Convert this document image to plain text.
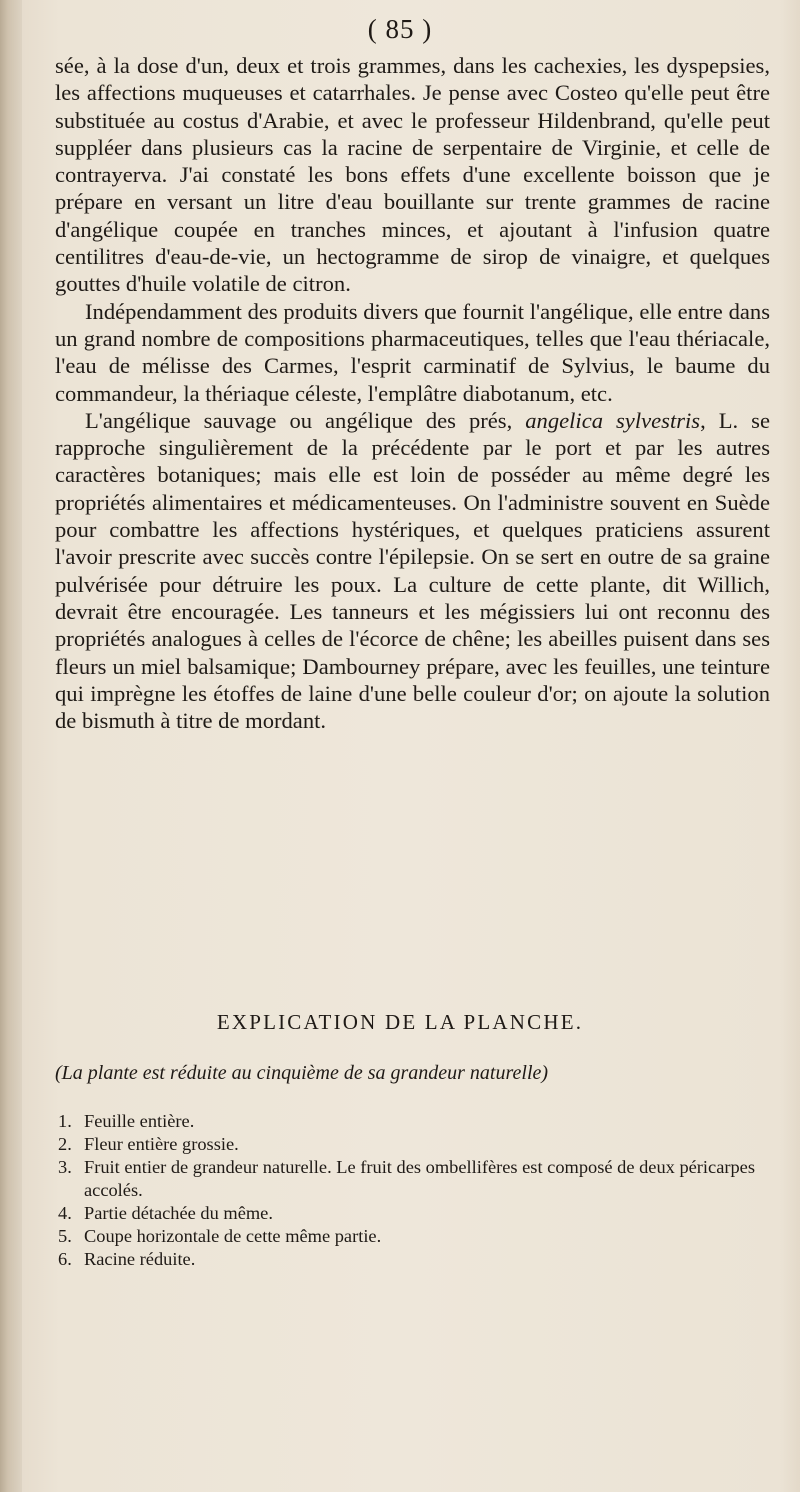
( 85 )

sée, à la dose d'un, deux et trois grammes, dans les cachexies, les dyspepsies, les affections muqueuses et catarrhales. Je pense avec Costeo qu'elle peut être substituée au costus d'Arabie, et avec le professeur Hildenbrand, qu'elle peut suppléer dans plusieurs cas la racine de serpentaire de Virginie, et celle de contrayerva. J'ai constaté les bons effets d'une excellente boisson que je prépare en versant un litre d'eau bouillante sur trente grammes de racine d'angélique coupée en tranches minces, et ajoutant à l'infusion quatre centilitres d'eau-de-vie, un hectogramme de sirop de vinaigre, et quelques gouttes d'huile volatile de citron.

Indépendamment des produits divers que fournit l'angélique, elle entre dans un grand nombre de compositions pharmaceutiques, telles que l'eau thériacale, l'eau de mélisse des Carmes, l'esprit carminatif de Sylvius, le baume du commandeur, la thériaque céleste, l'emplâtre diabotanum, etc.

L'angélique sauvage ou angélique des prés, angelica sylvestris, L. se rapproche singulièrement de la précédente par le port et par les autres caractères botaniques; mais elle est loin de posséder au même degré les propriétés alimentaires et médicamenteuses. On l'administre souvent en Suède pour combattre les affections hystériques, et quelques praticiens assurent l'avoir prescrite avec succès contre l'épilepsie. On se sert en outre de sa graine pulvérisée pour détruire les poux. La culture de cette plante, dit Willich, devrait être encouragée. Les tanneurs et les mégissiers lui ont reconnu des propriétés analogues à celles de l'écorce de chêne; les abeilles puisent dans ses fleurs un miel balsamique; Dambourney prépare, avec les feuilles, une teinture qui imprègne les étoffes de laine d'une belle couleur d'or; on ajoute la solution de bismuth à titre de mordant.

EXPLICATION DE LA PLANCHE.
(La plante est réduite au cinquième de sa grandeur naturelle)
1. Feuille entière.
2. Fleur entière grossie.
3. Fruit entier de grandeur naturelle. Le fruit des ombellifères est composé de deux péricarpes accolés.
4. Partie détachée du même.
5. Coupe horizontale de cette même partie.
6. Racine réduite.
